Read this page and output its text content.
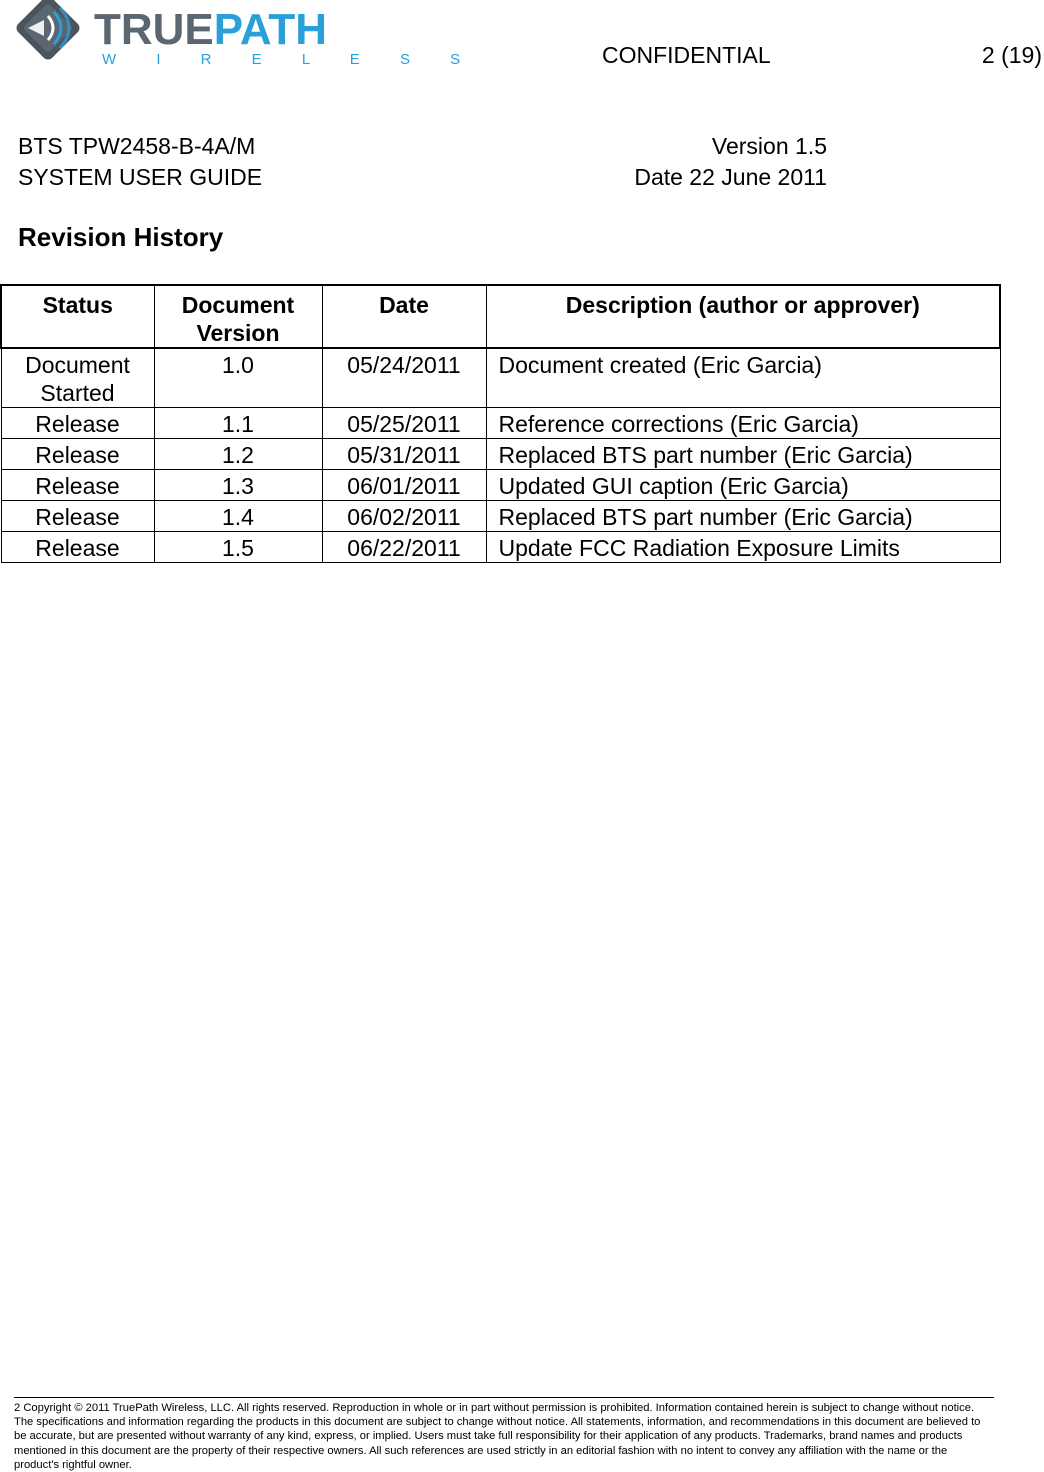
TRUEPATH
W I R E L E S S	CONFIDENTIAL	2 (19)
BTS TPW2458-B-4A/M
SYSTEM USER GUIDE
Version 1.5
Date 22 June 2011
Revision History
Status	Document Version	Date	Description (author or approver)
Document Started	1.0	05/24/2011	Document created (Eric Garcia)
Release	1.1	05/25/2011	Reference corrections (Eric Garcia)
Release	1.2	05/31/2011	Replaced BTS part number (Eric Garcia)
Release	1.3	06/01/2011	Updated GUI caption (Eric Garcia)
Release	1.4	06/02/2011	Replaced BTS part number (Eric Garcia)
Release	1.5	06/22/2011	Update FCC Radiation Exposure Limits
2 Copyright © 2011 TruePath Wireless, LLC. All rights reserved. Reproduction in whole or in part without permission is prohibited. Information contained herein is subject to change without notice. The specifications and information regarding the products in this document are subject to change without notice. All statements, information, and recommendations in this document are believed to be accurate, but are presented without warranty of any kind, express, or implied. Users must take full responsibility for their application of any products. Trademarks, brand names and products mentioned in this document are the property of their respective owners. All such references are used strictly in an editorial fashion with no intent to convey any affiliation with the name or the product's rightful owner.
